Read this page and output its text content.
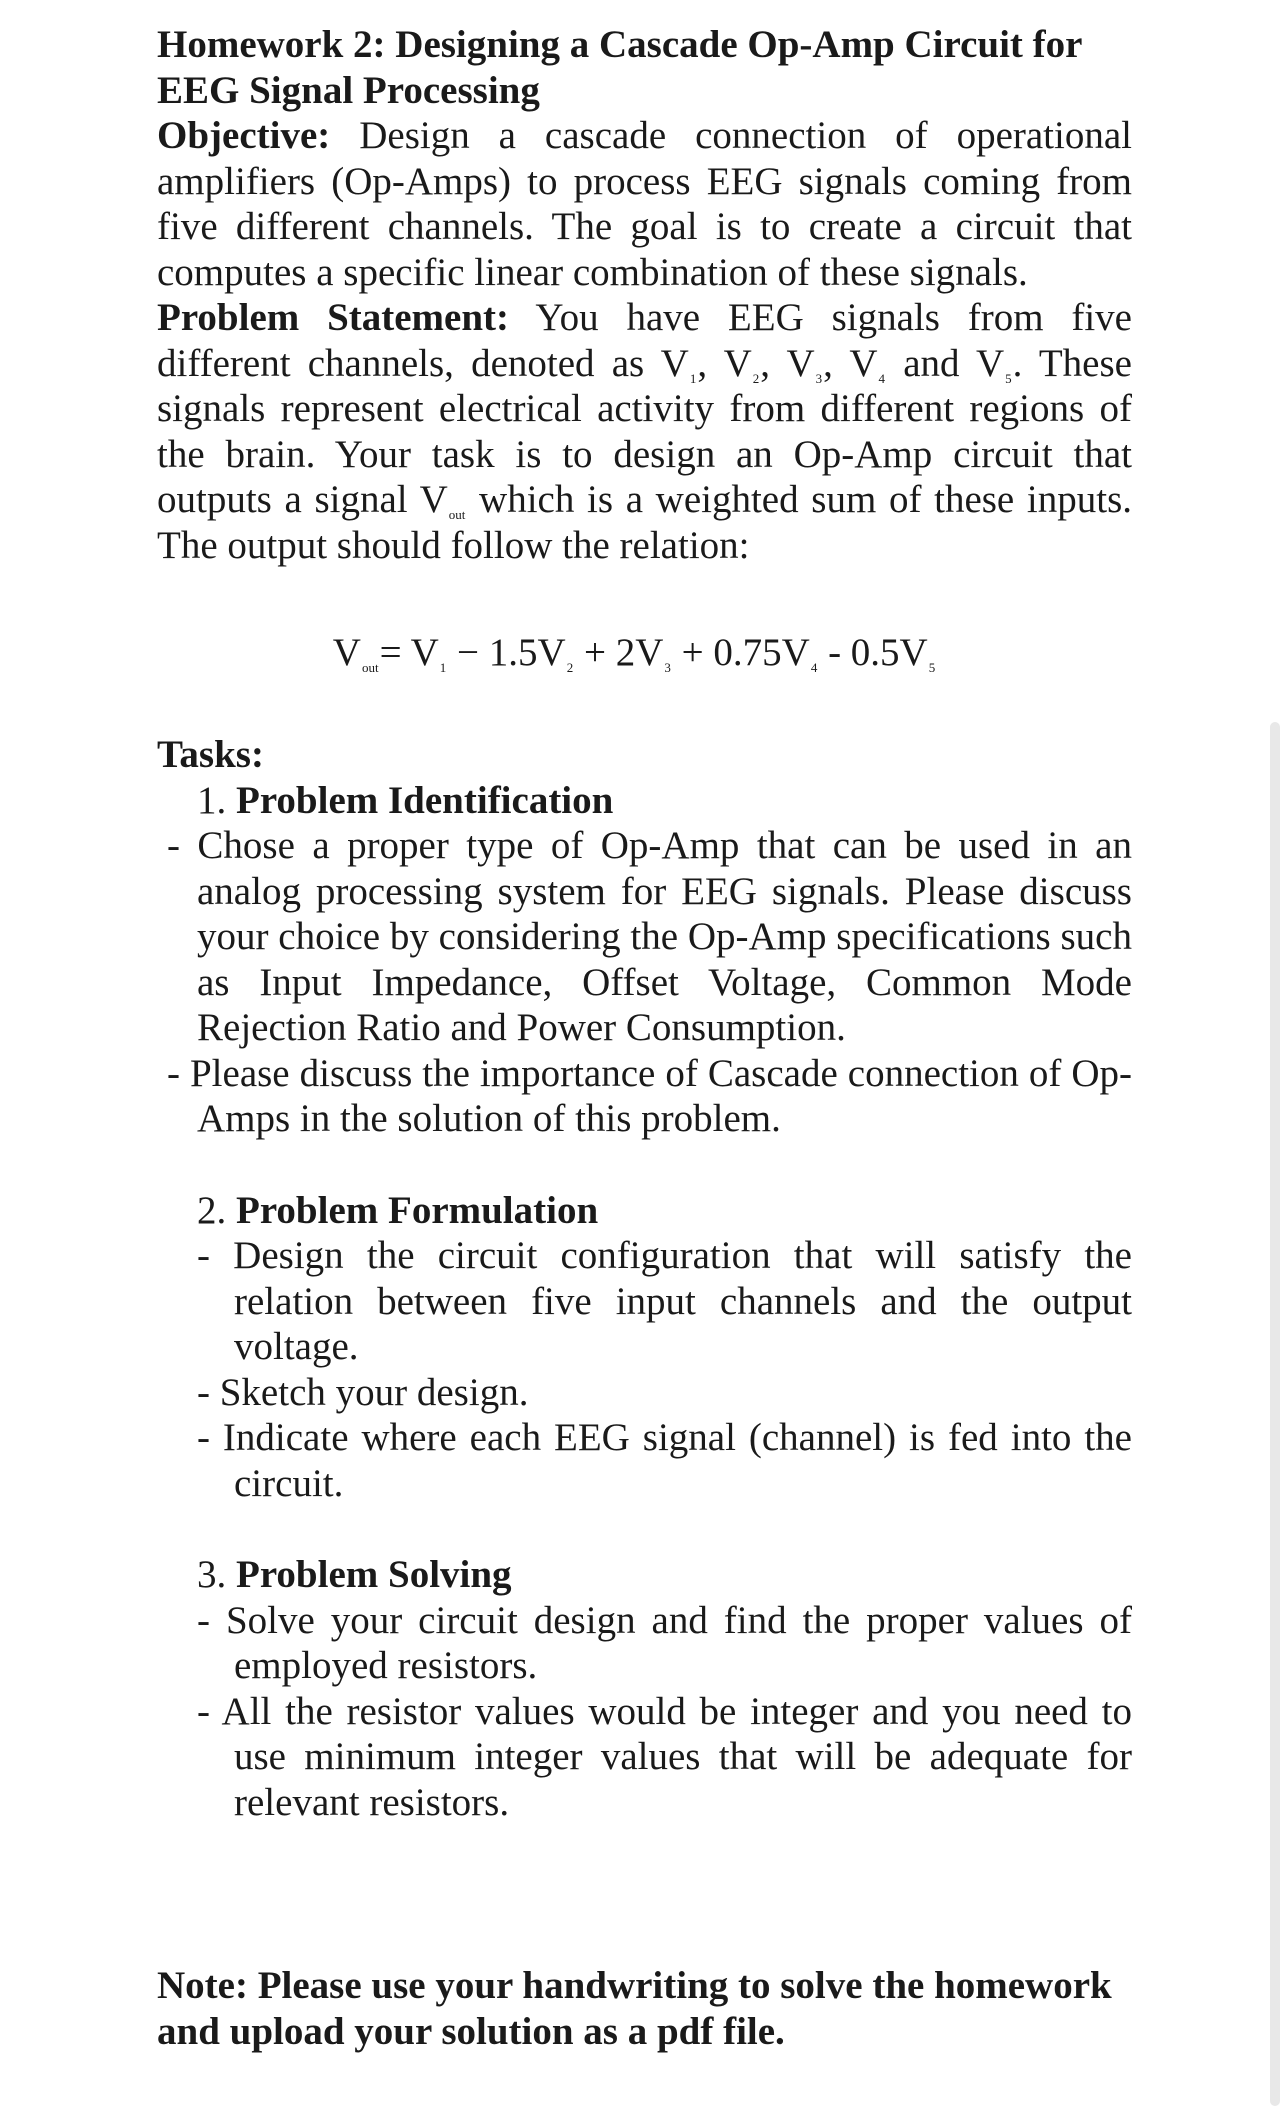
Homework 2: Designing a Cascade Op-Amp Circuit for EEG Signal Processing

Objective: Design a cascade connection of operational amplifiers (Op-Amps) to process EEG signals coming from five different channels. The goal is to create a circuit that computes a specific linear combination of these signals.

Problem Statement: You have EEG signals from five different channels, denoted as $V_1$, $V_2$, $V_3$, $V_4$ and $V_5$. These signals represent electrical activity from different regions of the brain. Your task is to design an Op-Amp circuit that outputs a signal $V_{out}$ which is a weighted sum of these inputs. The output should follow the relation:

$V_{out}= V_1 - 1.5V_2 + 2V_3 + 0.75V_4 - 0.5V_5$

Tasks:

1. Problem Identification

- Chose a proper type of Op-Amp that can be used in an analog processing system for EEG signals. Please discuss your choice by considering the Op-Amp specifications such as Input Impedance, Offset Voltage, Common Mode Rejection Ratio and Power Consumption.

- Please discuss the importance of Cascade connection of Op-Amps in the solution of this problem.

2. Problem Formulation

- Design the circuit configuration that will satisfy the relation between five input channels and the output voltage.

- Sketch your design.

- Indicate where each EEG signal (channel) is fed into the circuit.

3. Problem Solving

- Solve your circuit design and find the proper values of employed resistors.

- All the resistor values would be integer and you need to use minimum integer values that will be adequate for relevant resistors.

Note: Please use your handwriting to solve the homework and upload your solution as a pdf file.
